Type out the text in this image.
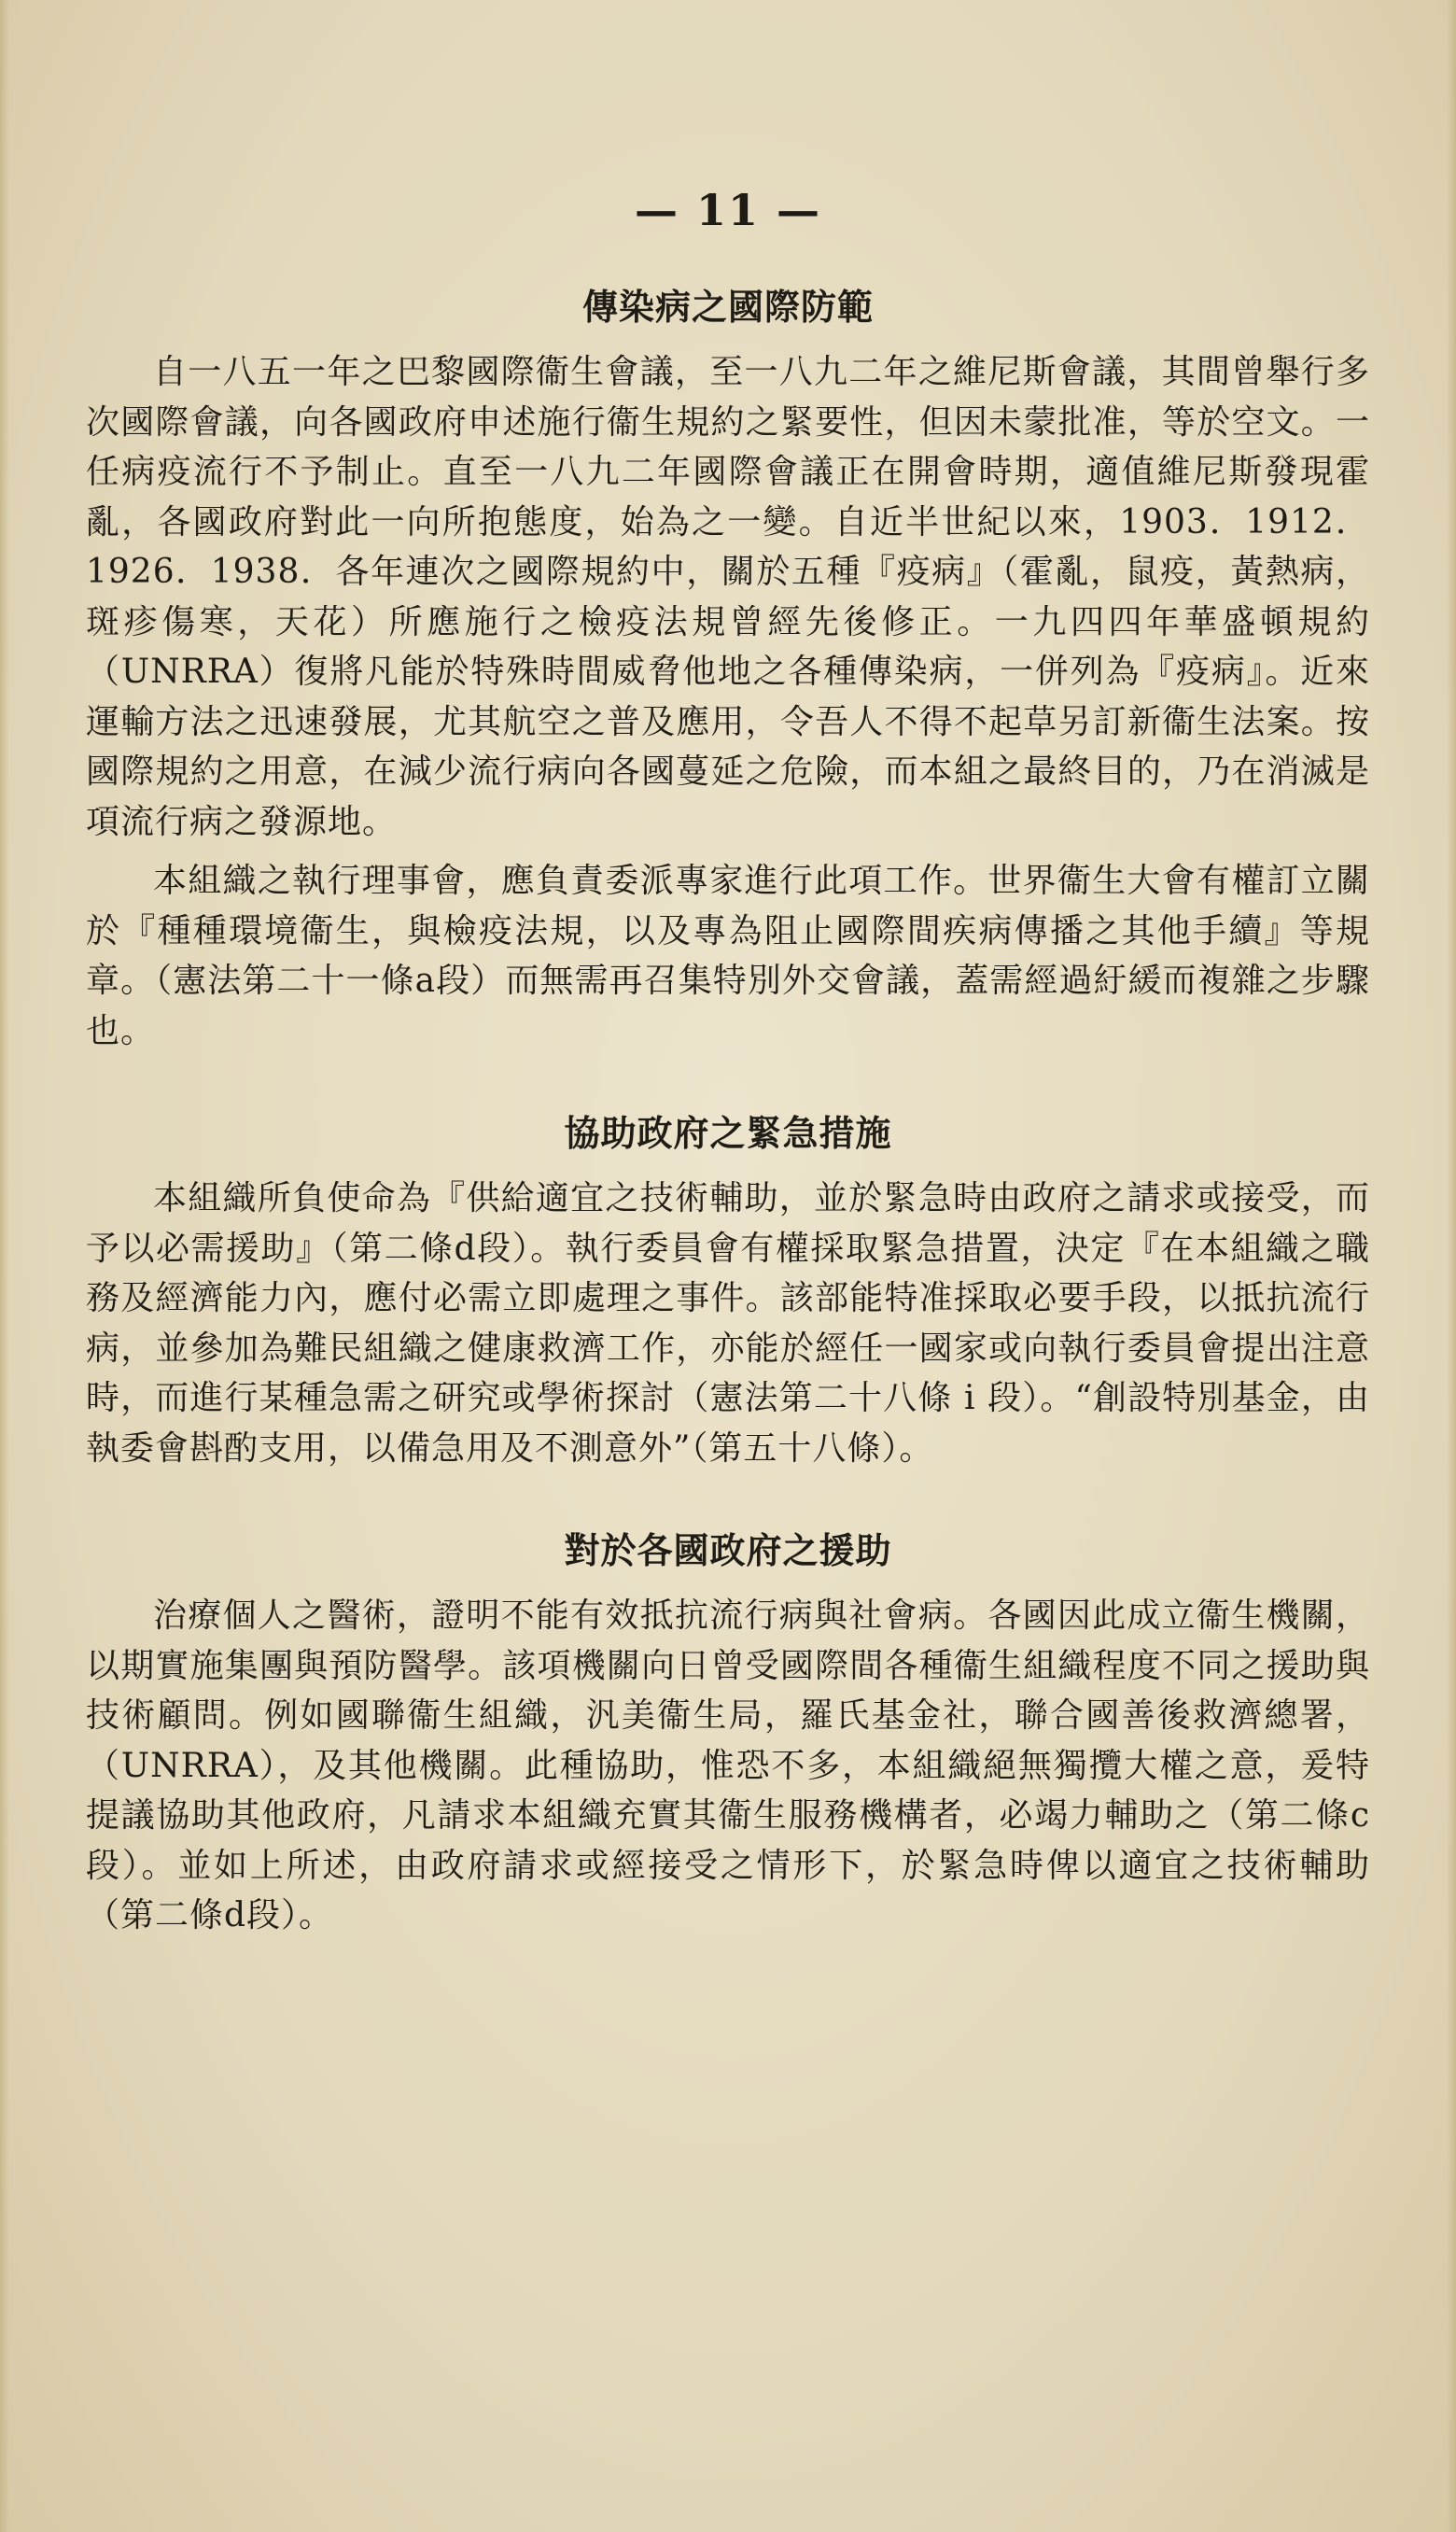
— 11 —
傳染病之國際防範

自一八五一年之巴黎國際衞生會議，至一八九二年之維尼斯會議，其間曾舉行多次國際會議，向各國政府申述施行衞生規約之緊要性，但因未蒙批准，等於空文。一任病疫流行不予制止。直至一八九二年國際會議正在開會時期，適值維尼斯發現霍亂，各國政府對此一向所抱態度，始為之一變。自近半世紀以來，1903．1912．1926．1938．各年連次之國際規約中，關於五種『疫病』（霍亂，鼠疫，黃熱病，斑疹傷寒，天花）所應施行之檢疫法規曾經先後修正。一九四四年華盛頓規約（UNRRA）復將凡能於特殊時間威脅他地之各種傳染病，一併列為『疫病』。近來運輸方法之迅速發展，尤其航空之普及應用，令吾人不得不起草另訂新衞生法案。按國際規約之用意，在減少流行病向各國蔓延之危險，而本組之最終目的，乃在消滅是項流行病之發源地。

本組織之執行理事會，應負責委派專家進行此項工作。世界衞生大會有權訂立關於『種種環境衞生，與檢疫法規，以及專為阻止國際間疾病傳播之其他手續』等規章。（憲法第二十一條a段）而無需再召集特別外交會議，蓋需經過紆緩而複雜之步驟也。

協助政府之緊急措施

本組織所負使命為『供給適宜之技術輔助，並於緊急時由政府之請求或接受，而予以必需援助』（第二條d段）。執行委員會有權採取緊急措置，決定『在本組織之職務及經濟能力內，應付必需立即處理之事件。該部能特准採取必要手段，以抵抗流行病，並參加為難民組織之健康救濟工作，亦能於經任一國家或向執行委員會提出注意時，而進行某種急需之研究或學術探討（憲法第二十八條 i 段）。“創設特別基金，由執委會斟酌支用，以備急用及不測意外”（第五十八條）。

對於各國政府之援助

治療個人之醫術，證明不能有效抵抗流行病與社會病。各國因此成立衞生機關，以期實施集團與預防醫學。該項機關向日曾受國際間各種衞生組織程度不同之援助與技術顧問。例如國聯衞生組織，汎美衞生局，羅氏基金社，聯合國善後救濟總署，（UNRRA），及其他機關。此種協助，惟恐不多，本組織絕無獨攬大權之意，爰特提議協助其他政府，凡請求本組織充實其衞生服務機構者，必竭力輔助之（第二條c段）。並如上所述，由政府請求或經接受之情形下，於緊急時俾以適宜之技術輔助（第二條d段）。
